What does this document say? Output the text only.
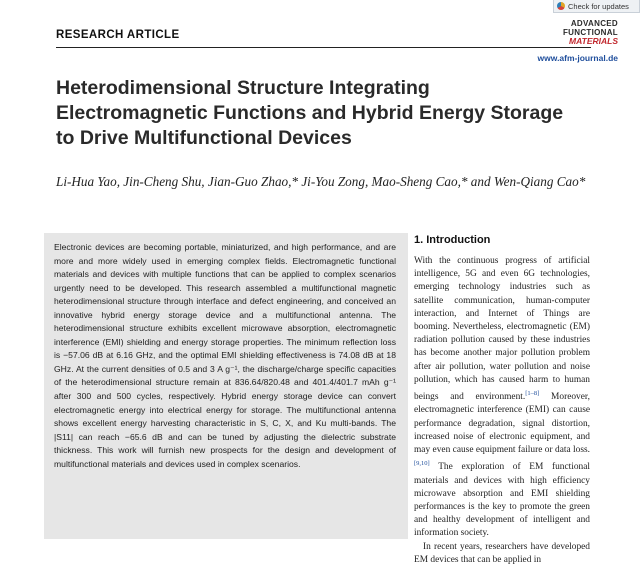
Check for updates
RESEARCH ARTICLE
ADVANCED
FUNCTIONAL
MATERIALS
www.afm-journal.de
Heterodimensional Structure Integrating Electromagnetic Functions and Hybrid Energy Storage to Drive Multifunctional Devices
Li-Hua Yao, Jin-Cheng Shu, Jian-Guo Zhao,* Ji-You Zong, Mao-Sheng Cao,* and Wen-Qiang Cao*
Electronic devices are becoming portable, miniaturized, and high performance, and are more and more widely used in emerging complex fields. Electromagnetic functional materials and devices with multiple functions that can be applied to complex scenarios urgently need to be developed. This research assembled a multifunctional magnetic heterodimensional structure through interface and defect engineering, and conceived an innovative hybrid energy storage device and a multifunctional antenna. The heterodimensional structure exhibits excellent microwave absorption, electromagnetic interference (EMI) shielding and energy storage properties. The minimum reflection loss is −57.06 dB at 6.16 GHz, and the optimal EMI shielding effectiveness is 74.08 dB at 18 GHz. At the current densities of 0.5 and 3 A g⁻¹, the discharge/charge specific capacities of the heterodimensional structure remain at 836.64/820.48 and 401.4/401.7 mAh g⁻¹ after 300 and 500 cycles, respectively. Hybrid energy storage device can convert electromagnetic energy into electrical energy for storage. The multifunctional antenna shows excellent energy harvesting characteristic in S, C, X, and Ku multi-bands. The |S11| can reach −65.6 dB and can be tuned by adjusting the dielectric substrate thickness. This work will furnish new prospects for the design and development of multifunctional materials and devices used in complex scenarios.
1. Introduction

With the continuous progress of artificial intelligence, 5G and even 6G technologies, emerging technology industries such as satellite communication, human-computer interaction, and Internet of Things are booming. Nevertheless, electromagnetic (EM) radiation pollution caused by these industries has become another major pollution problem after air pollution, water pollution and noise pollution, which has caused harm to human beings and environment.[1–8] Moreover, electromagnetic interference (EMI) can cause performance degradation, signal distortion, increased noise of electronic equipment, and may even cause equipment failure or data loss.[9,10] The exploration of EM functional materials and devices with high efficiency microwave absorption and EMI shielding performances is the key to promote the green and healthy development of intelligent and information society.

In recent years, researchers have developed EM devices that can be applied in
